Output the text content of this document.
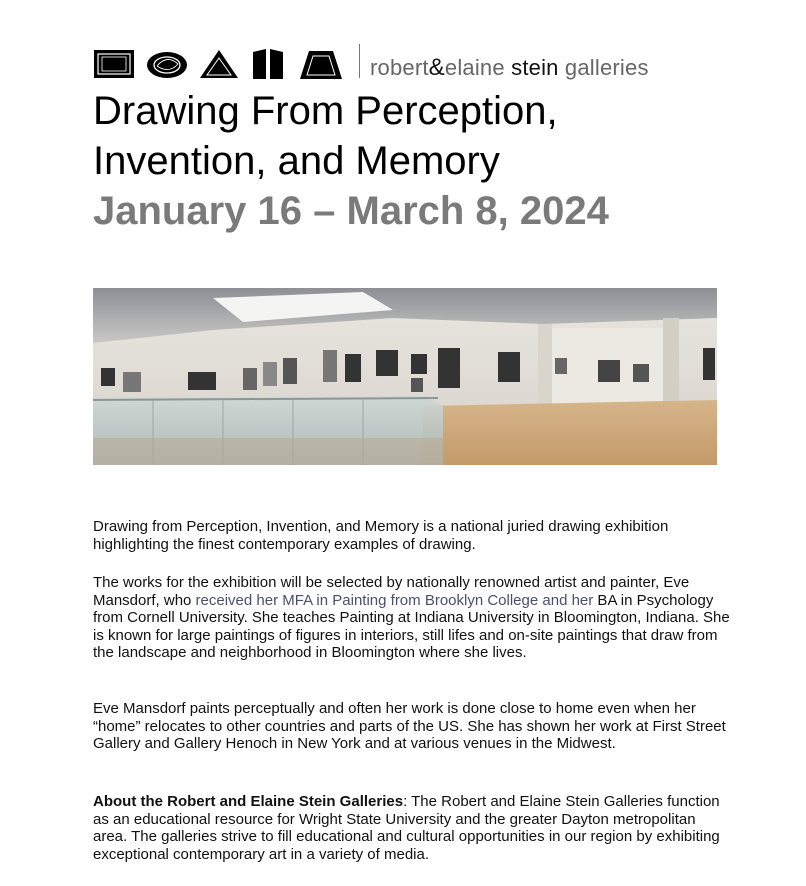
robert&elaine stein galleries
Drawing From Perception,
Invention, and Memory
January 16 – March 8, 2024

Drawing from Perception, Invention, and Memory is a national juried drawing exhibition highlighting the finest contemporary examples of drawing.

The works for the exhibition will be selected by nationally renowned artist and painter, Eve Mansdorf, who received her MFA in Painting from Brooklyn College and her BA in Psychology from Cornell University. She teaches Painting at Indiana University in Bloomington, Indiana. She is known for large paintings of figures in interiors, still lifes and on-site paintings that draw from the landscape and neighborhood in Bloomington where she lives.

Eve Mansdorf paints perceptually and often her work is done close to home even when her “home” relocates to other countries and parts of the US. She has shown her work at First Street Gallery and Gallery Henoch in New York and at various venues in the Midwest.

About the Robert and Elaine Stein Galleries: The Robert and Elaine Stein Galleries function as an educational resource for Wright State University and the greater Dayton metropolitan area. The galleries strive to fill educational and cultural opportunities in our region by exhibiting exceptional contemporary art in a variety of media.
